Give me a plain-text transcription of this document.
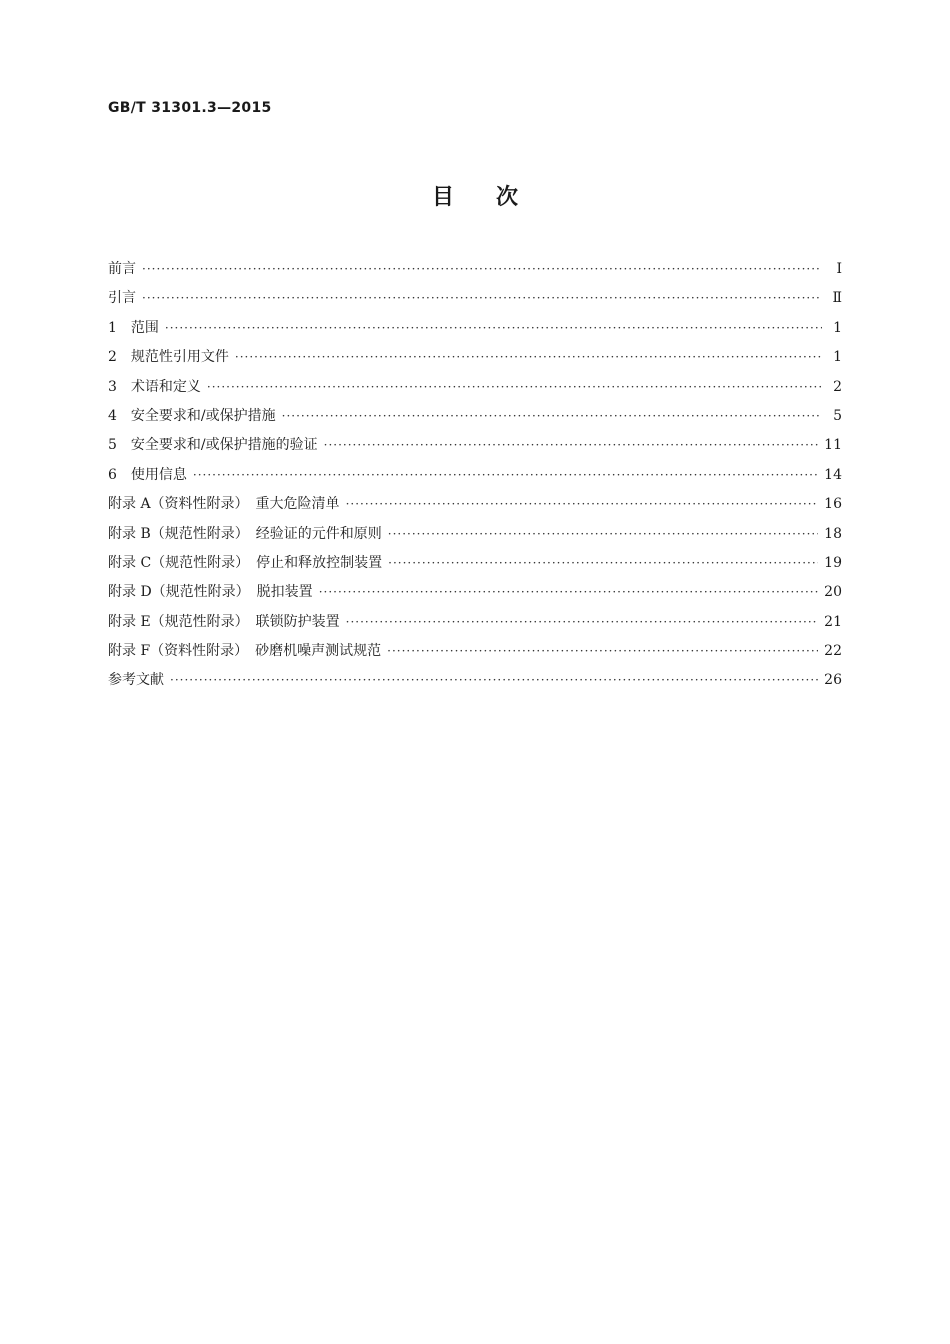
GB/T 31301.3—2015
目次
前言 ·····	Ⅰ
引言 ·····	Ⅱ
1　范围 ·····	1
2　规范性引用文件 ·····	1
3　术语和定义 ·····	2
4　安全要求和/或保护措施 ·····	5
5　安全要求和/或保护措施的验证 ·····	11
6　使用信息 ·····	14
附录 A（资料性附录）　重大危险清单 ·····	16
附录 B（规范性附录）　经验证的元件和原则 ·····	18
附录 C（规范性附录）　停止和释放控制装置 ·····	19
附录 D（规范性附录）　脱扣装置 ·····	20
附录 E（规范性附录）　联锁防护装置 ·····	21
附录 F（资料性附录）　砂磨机噪声测试规范 ·····	22
参考文献 ·····	26
